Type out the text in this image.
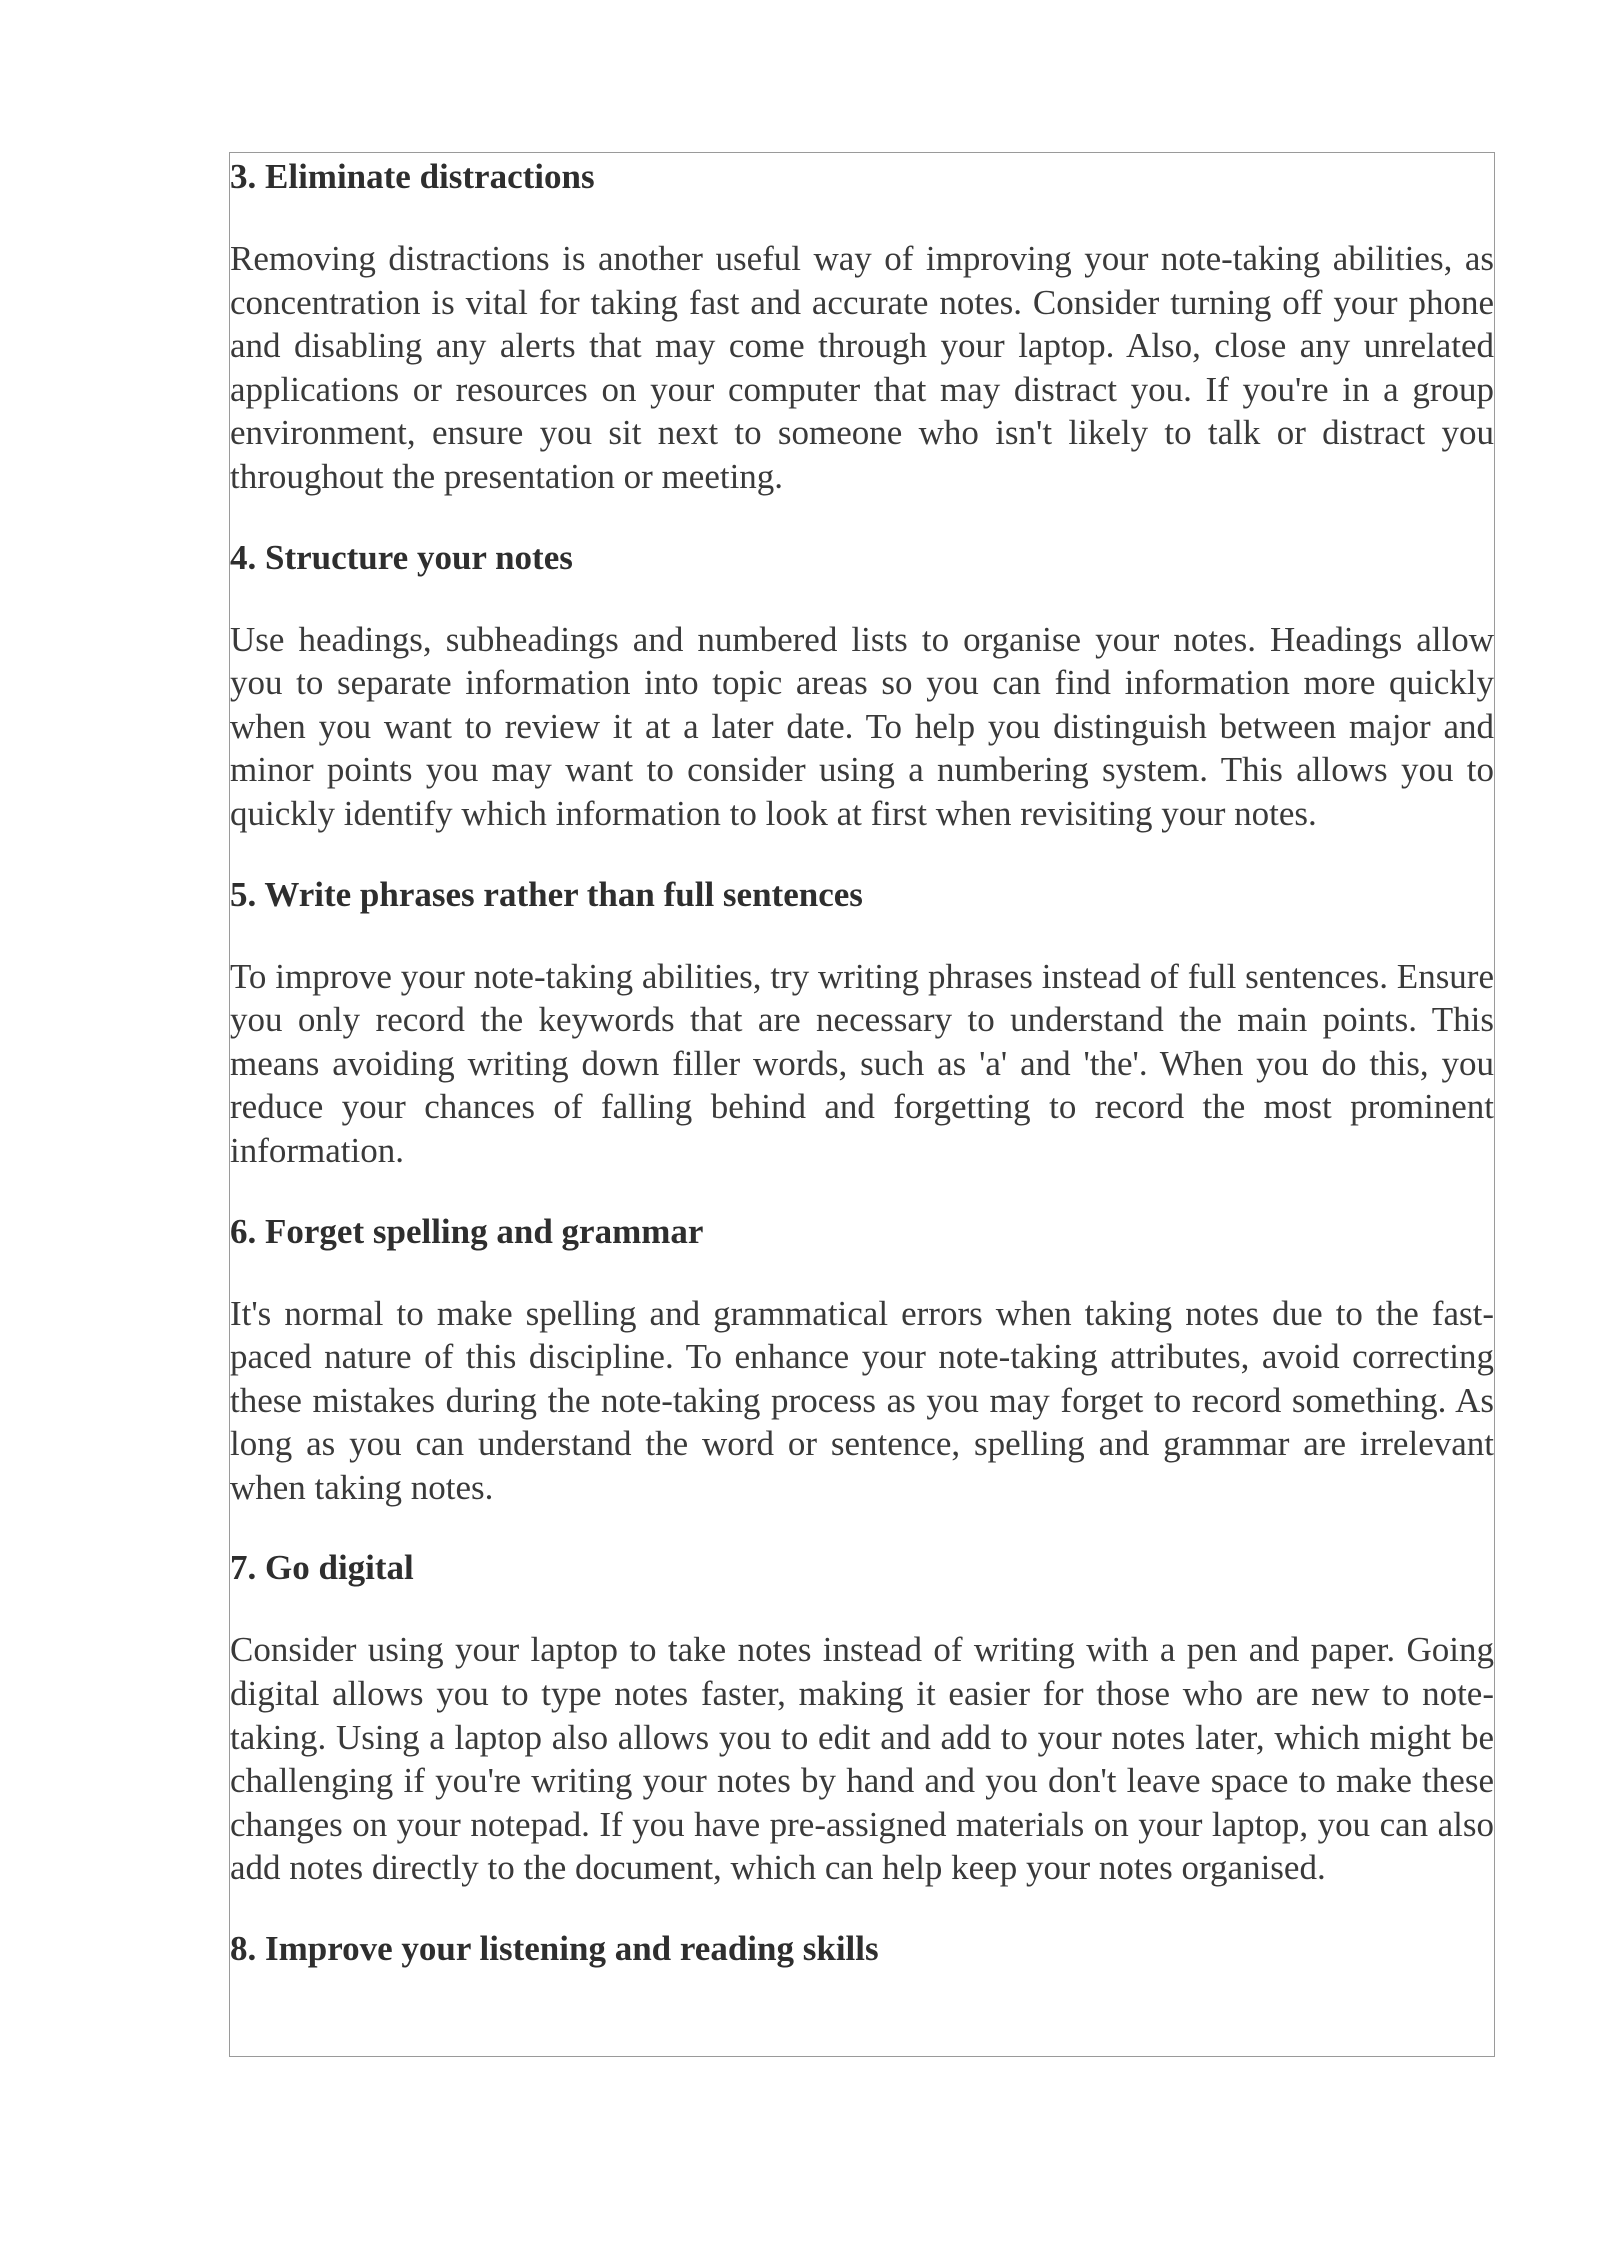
3. Eliminate distractions

Removing distractions is another useful way of improving your note-taking abilities, as concentration is vital for taking fast and accurate notes. Consider turning off your phone and disabling any alerts that may come through your laptop. Also, close any unrelated applications or resources on your computer that may distract you. If you're in a group environment, ensure you sit next to someone who isn't likely to talk or distract you throughout the presentation or meeting.

4. Structure your notes

Use headings, subheadings and numbered lists to organise your notes. Headings allow you to separate information into topic areas so you can find information more quickly when you want to review it at a later date. To help you distinguish between major and minor points you may want to consider using a numbering system. This allows you to quickly identify which information to look at first when revisiting your notes.

5. Write phrases rather than full sentences

To improve your note-taking abilities, try writing phrases instead of full sentences. Ensure you only record the keywords that are necessary to understand the main points. This means avoiding writing down filler words, such as 'a' and 'the'. When you do this, you reduce your chances of falling behind and forgetting to record the most prominent information.

6. Forget spelling and grammar

It's normal to make spelling and grammatical errors when taking notes due to the fast-paced nature of this discipline. To enhance your note-taking attributes, avoid correcting these mistakes during the note-taking process as you may forget to record something. As long as you can understand the word or sentence, spelling and grammar are irrelevant when taking notes.

7. Go digital

Consider using your laptop to take notes instead of writing with a pen and paper. Going digital allows you to type notes faster, making it easier for those who are new to note-taking. Using a laptop also allows you to edit and add to your notes later, which might be challenging if you're writing your notes by hand and you don't leave space to make these changes on your notepad. If you have pre-assigned materials on your laptop, you can also add notes directly to the document, which can help keep your notes organised.

8. Improve your listening and reading skills
